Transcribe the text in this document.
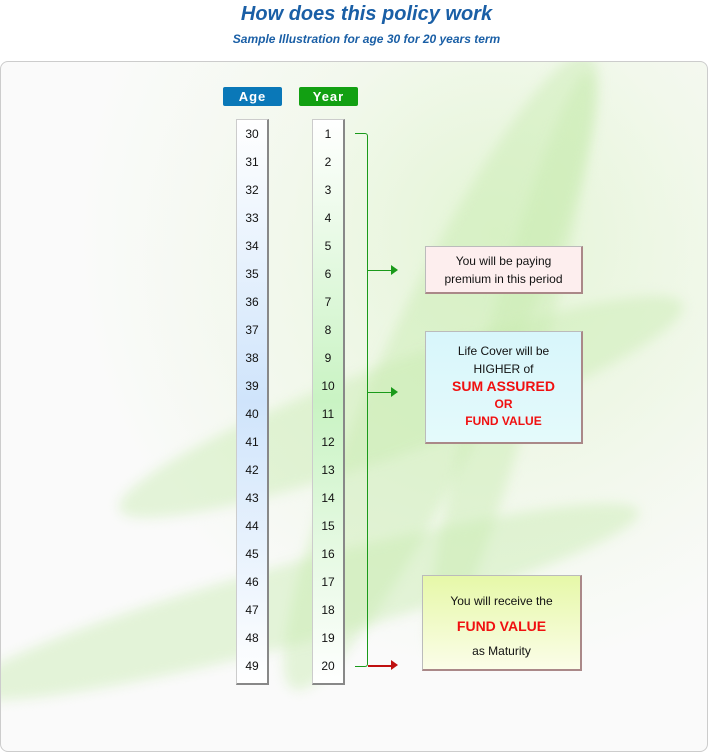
How does this policy work
Sample Illustration for age 30 for 20 years term
Age	Year
30
31
32
33
34
35
36
37
38
39
40
41
42
43
44
45
46
47
48
49
1
2
3
4
5
6
7
8
9
10
11
12
13
14
15
16
17
18
19
20
You will be paying
premium in this period
Life Cover will be
HIGHER of
SUM ASSURED
OR
FUND VALUE
You will receive the
FUND VALUE
as Maturity
